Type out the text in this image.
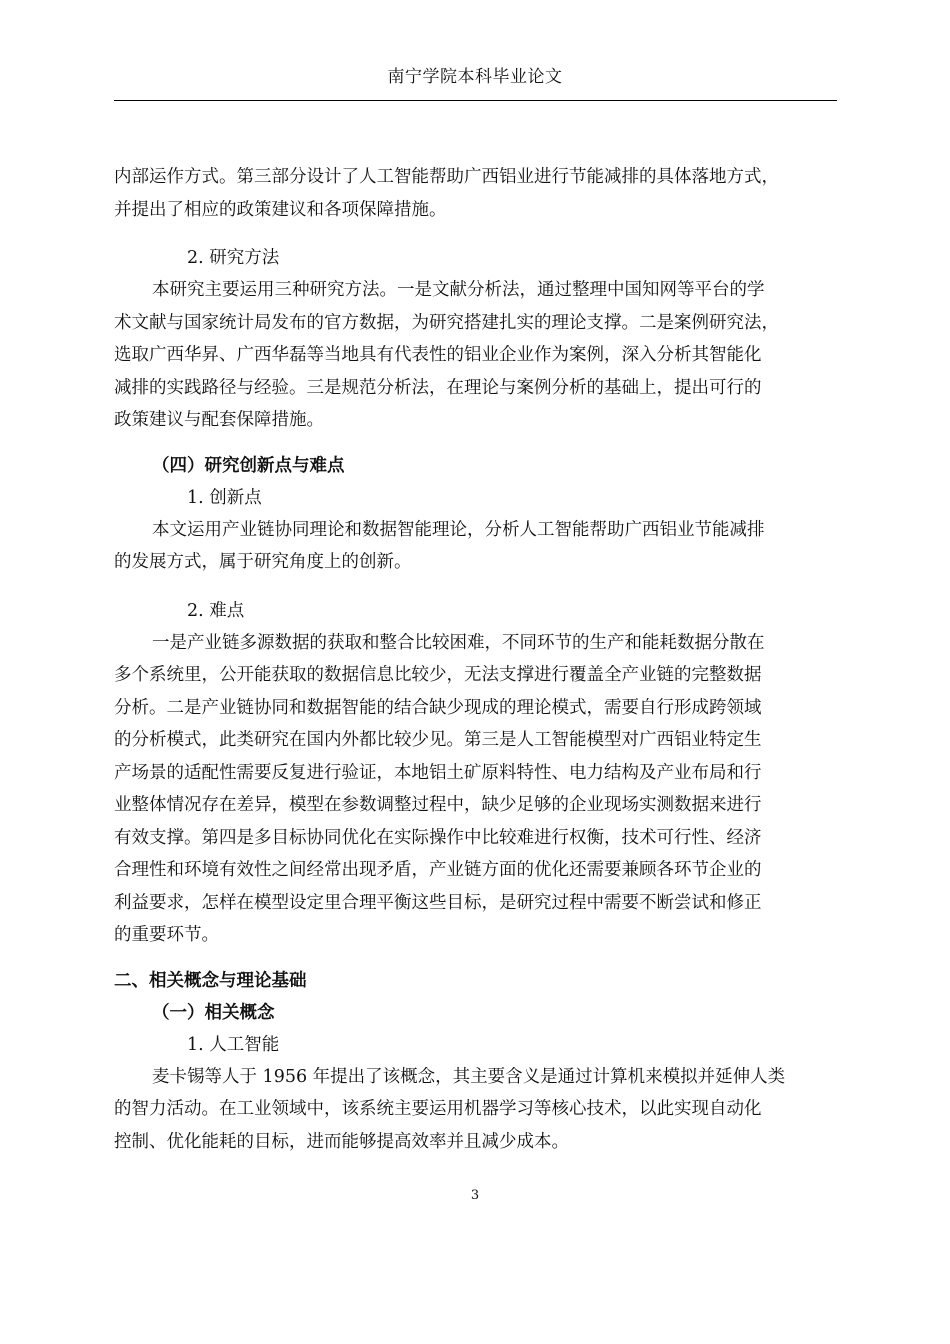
南宁学院本科毕业论文

内部运作方式。第三部分设计了人工智能帮助广西铝业进行节能减排的具体落地方式，

并提出了相应的政策建议和各项保障措施。

2. 研究方法

本研究主要运用三种研究方法。一是文献分析法，通过整理中国知网等平台的学

术文献与国家统计局发布的官方数据，为研究搭建扎实的理论支撑。二是案例研究法，

选取广西华昇、广西华磊等当地具有代表性的铝业企业作为案例，深入分析其智能化

减排的实践路径与经验。三是规范分析法，在理论与案例分析的基础上，提出可行的

政策建议与配套保障措施。

（四）研究创新点与难点

1. 创新点

本文运用产业链协同理论和数据智能理论，分析人工智能帮助广西铝业节能减排

的发展方式，属于研究角度上的创新。

2. 难点

一是产业链多源数据的获取和整合比较困难，不同环节的生产和能耗数据分散在

多个系统里，公开能获取的数据信息比较少，无法支撑进行覆盖全产业链的完整数据

分析。二是产业链协同和数据智能的结合缺少现成的理论模式，需要自行形成跨领域

的分析模式，此类研究在国内外都比较少见。第三是人工智能模型对广西铝业特定生

产场景的适配性需要反复进行验证，本地铝土矿原料特性、电力结构及产业布局和行

业整体情况存在差异，模型在参数调整过程中，缺少足够的企业现场实测数据来进行

有效支撑。第四是多目标协同优化在实际操作中比较难进行权衡，技术可行性、经济

合理性和环境有效性之间经常出现矛盾，产业链方面的优化还需要兼顾各环节企业的

利益要求，怎样在模型设定里合理平衡这些目标，是研究过程中需要不断尝试和修正

的重要环节。

二、相关概念与理论基础

（一）相关概念

1. 人工智能

麦卡锡等人于 1956 年提出了该概念，其主要含义是通过计算机来模拟并延伸人类

的智力活动。在工业领域中，该系统主要运用机器学习等核心技术，以此实现自动化

控制、优化能耗的目标，进而能够提高效率并且减少成本。

3
